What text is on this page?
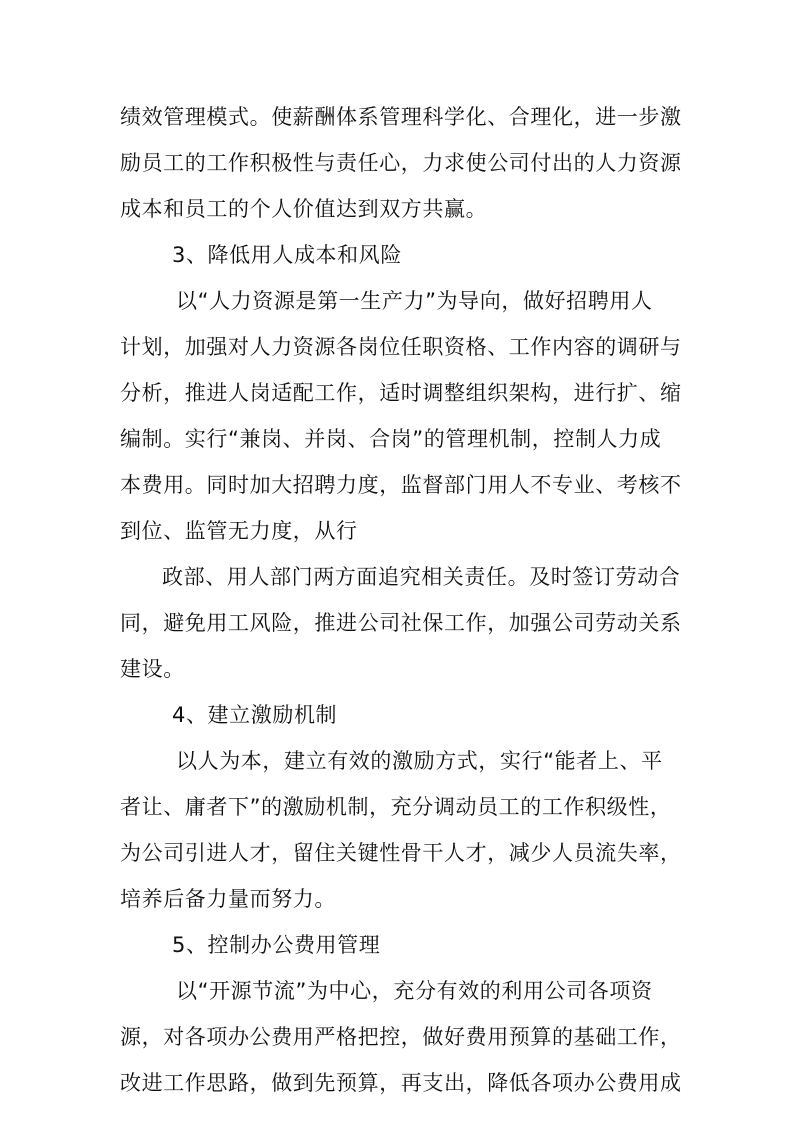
绩效管理模式。使薪酬体系管理科学化、合理化，进一步激
励员工的工作积极性与责任心，力求使公司付出的人力资源
成本和员工的个人价值达到双方共赢。
3、降低用人成本和风险
以“人力资源是第一生产力”为导向，做好招聘用人
计划，加强对人力资源各岗位任职资格、工作内容的调研与
分析，推进人岗适配工作，适时调整组织架构，进行扩、缩
编制。实行“兼岗、并岗、合岗”的管理机制，控制人力成
本费用。同时加大招聘力度，监督部门用人不专业、考核不
到位、监管无力度，从行
政部、用人部门两方面追究相关责任。及时签订劳动合
同，避免用工风险，推进公司社保工作，加强公司劳动关系
建设。
4、建立激励机制
以人为本，建立有效的激励方式，实行“能者上、平
者让、庸者下”的激励机制，充分调动员工的工作积级性，
为公司引进人才，留住关键性骨干人才，减少人员流失率，
培养后备力量而努力。
5、控制办公费用管理
以“开源节流”为中心，充分有效的利用公司各项资
源，对各项办公费用严格把控，做好费用预算的基础工作，
改进工作思路，做到先预算，再支出，降低各项办公费用成
